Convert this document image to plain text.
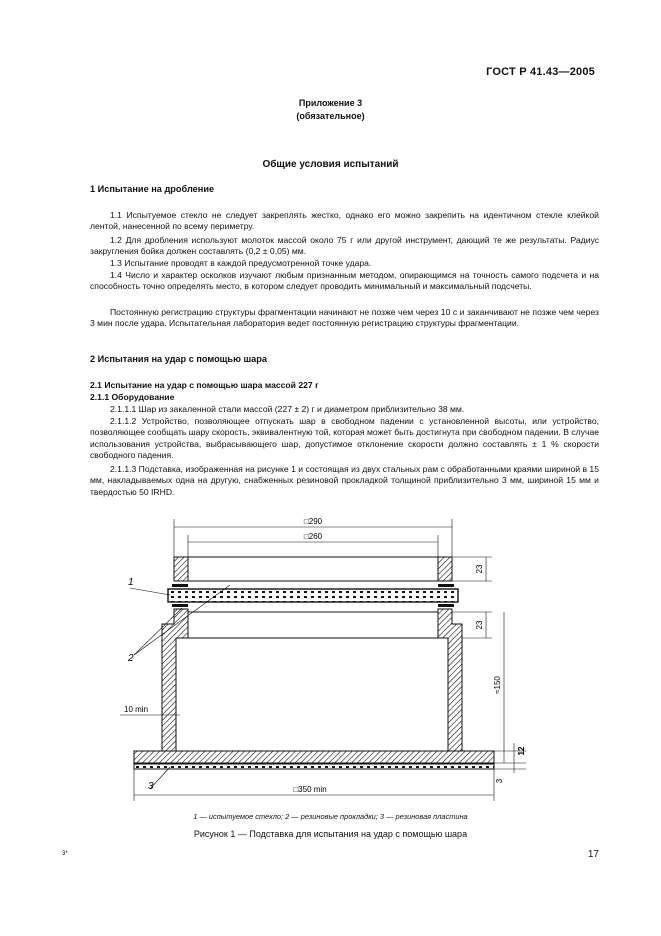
ГОСТ Р 41.43—2005
Приложение 3
(обязательное)
Общие условия испытаний
1 Испытание на дробление
1.1 Испытуемое стекло не следует закреплять жестко, однако его можно закрепить на идентичном стекле клейкой лентой, нанесенной по всему периметру.
1.2 Для дробления используют молоток массой около 75 г или другой инструмент, дающий те же результаты. Радиус закругления бойка должен составлять (0,2 ± 0,05) мм.
1.3 Испытание проводят в каждой предусмотренной точке удара.
1.4 Число и характер осколков изучают любым признанным методом, опирающимся на точность самого подсчета и на способность точно определять место, в котором следует проводить минимальный и максимальный подсчеты.
Постоянную регистрацию структуры фрагментации начинают не позже чем через 10 с и заканчивают не позже чем через 3 мин после удара. Испытательная лаборатория ведет постоянную регистрацию структуры фрагментации.
2 Испытания на удар с помощью шара
2.1 Испытание на удар с помощью шара массой 227 г
2.1.1 Оборудование
2.1.1.1 Шар из закаленной стали массой (227 ± 2) г и диаметром приблизительно 38 мм.
2.1.1.2 Устройство, позволяющее отпускать шар в свободном падении с установленной высоты, или устройство, позволяющее сообщать шару скорость, эквивалентную той, которая может быть достигнута при свободном падении. В случае использования устройства, выбрасывающего шар, допустимое отклонение скорости должно составлять ± 1 % скорости свободного падения.
2.1.1.3 Подставка, изображенная на рисунке 1 и состоящая из двух стальных рам с обработанными краями шириной в 15 мм, накладываемых одна на другую, снабженных резиновой прокладкой толщиной приблизительно 3 мм, шириной 15 мм и твердостью 50 IRHD.
□290
□260
23
23
≈150
12
3
10 min
□350 min
1
2
3
1 — испытуемое стекло; 2 — резиновые прокладки; 3 — резиновая пластина
Рисунок 1 — Подставка для испытания на удар с помощью шара
3*	17
